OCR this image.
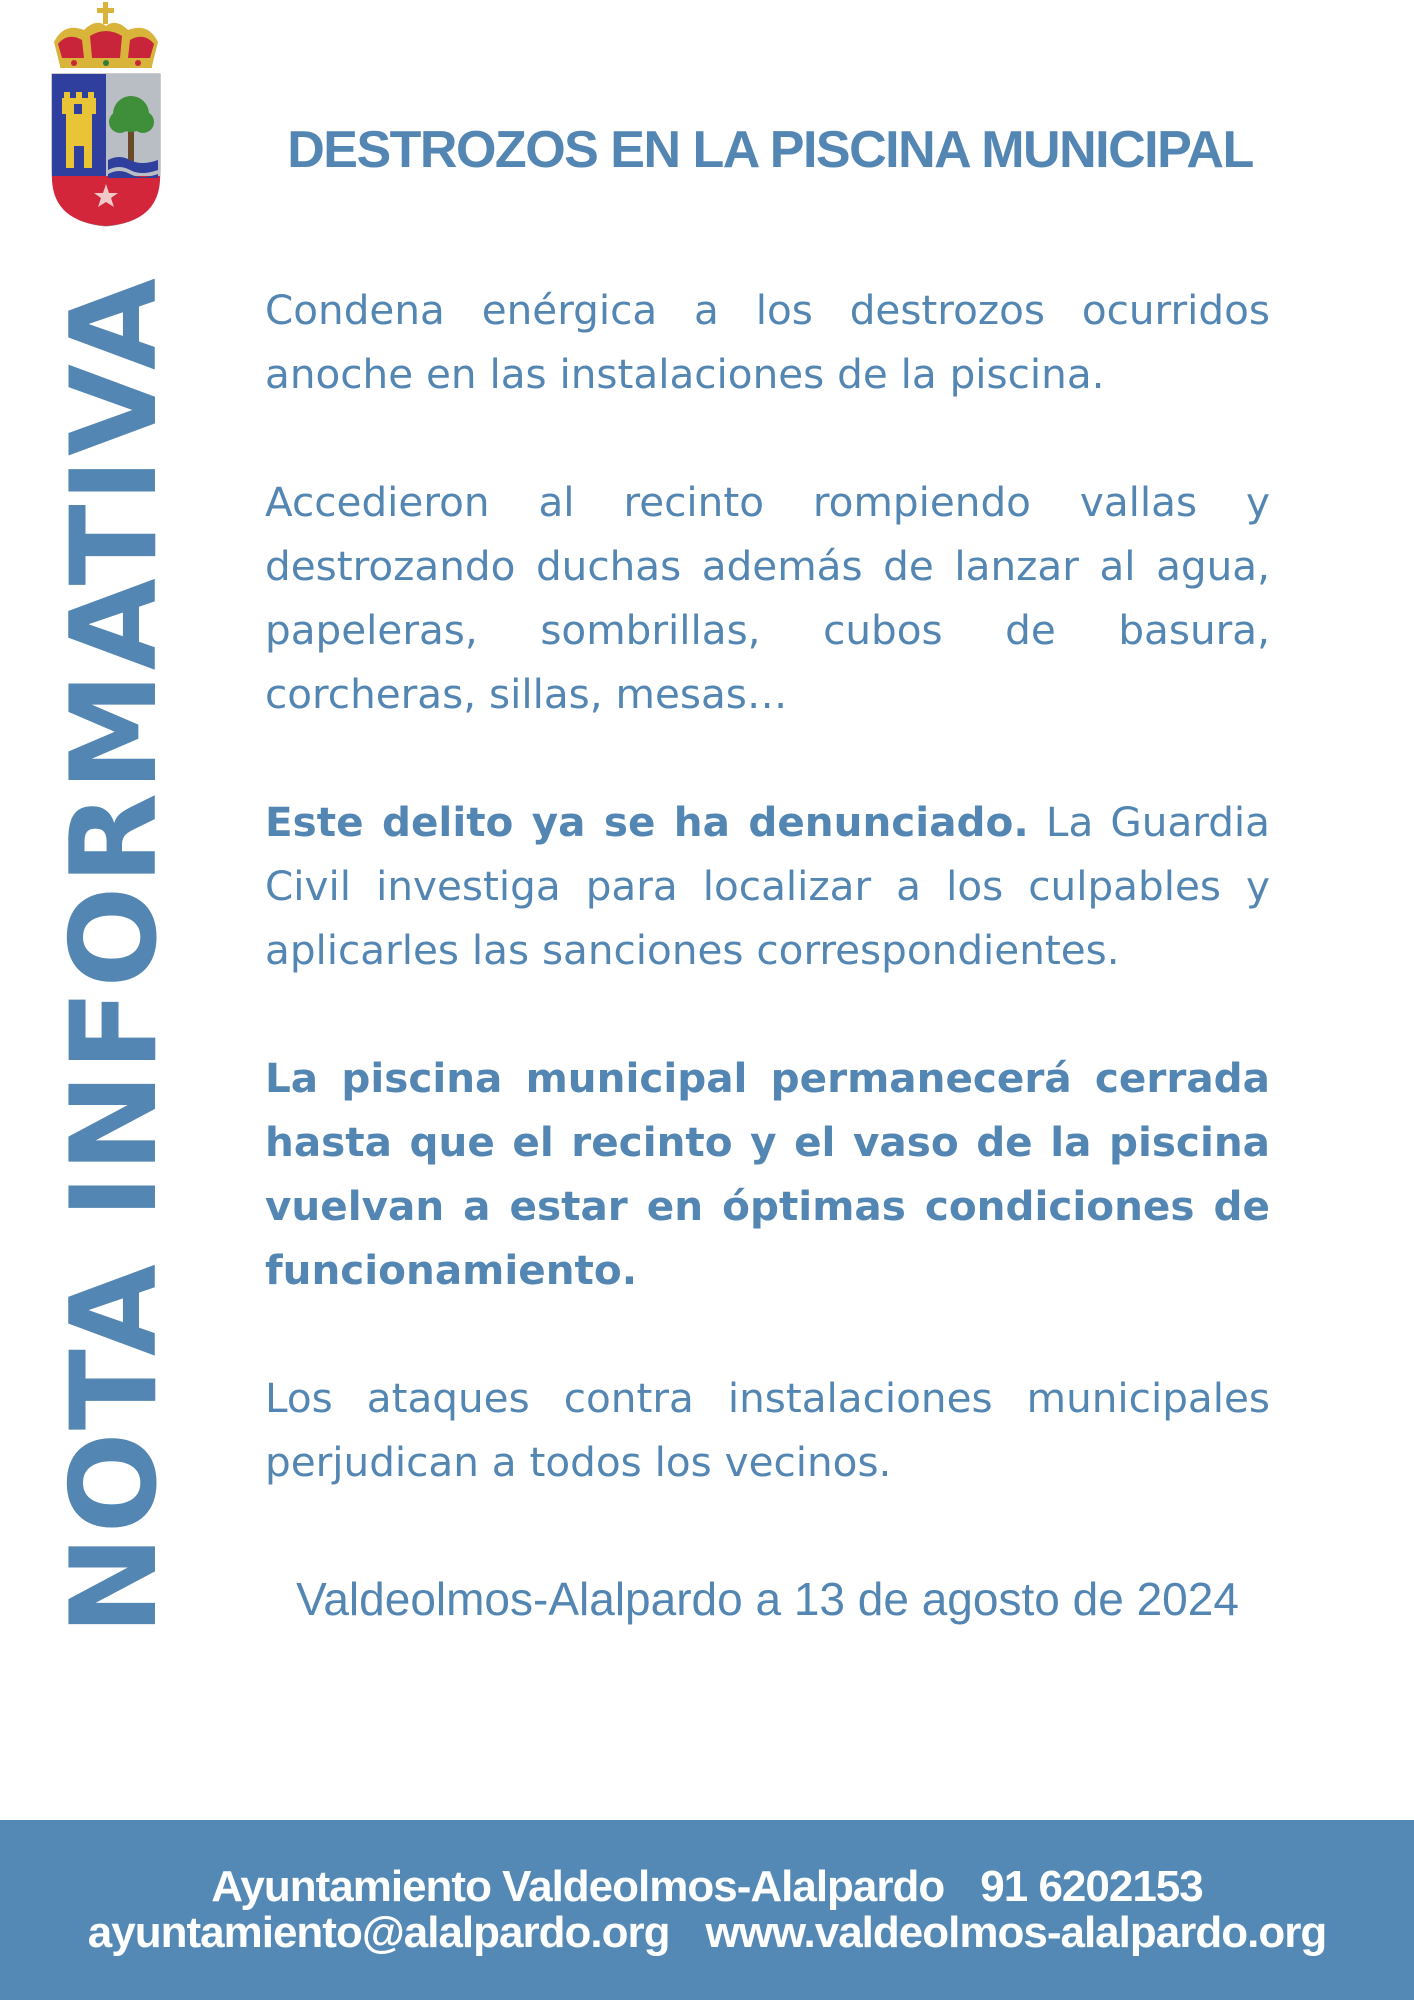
NOTA INFORMATIVA
DESTROZOS EN LA PISCINA MUNICIPAL

Condena enérgica a los destrozos ocurridos anoche en las instalaciones de la piscina.

Accedieron al recinto rompiendo vallas y destrozando duchas además de lanzar al agua, papeleras, sombrillas, cubos de basura, corcheras, sillas, mesas…

Este delito ya se ha denunciado. La Guardia Civil investiga para localizar a los culpables y aplicarles las sanciones correspondientes.

La piscina municipal permanecerá cerrada hasta que el recinto y el vaso de la piscina vuelvan a estar en óptimas condiciones de funcionamiento.

Los ataques contra instalaciones municipales perjudican a todos los vecinos.

Valdeolmos-Alalpardo a 13 de agosto de 2024
Ayuntamiento Valdeolmos-Alalpardo 91 6202153
ayuntamiento@alalpardo.org www.valdeolmos-alalpardo.org
